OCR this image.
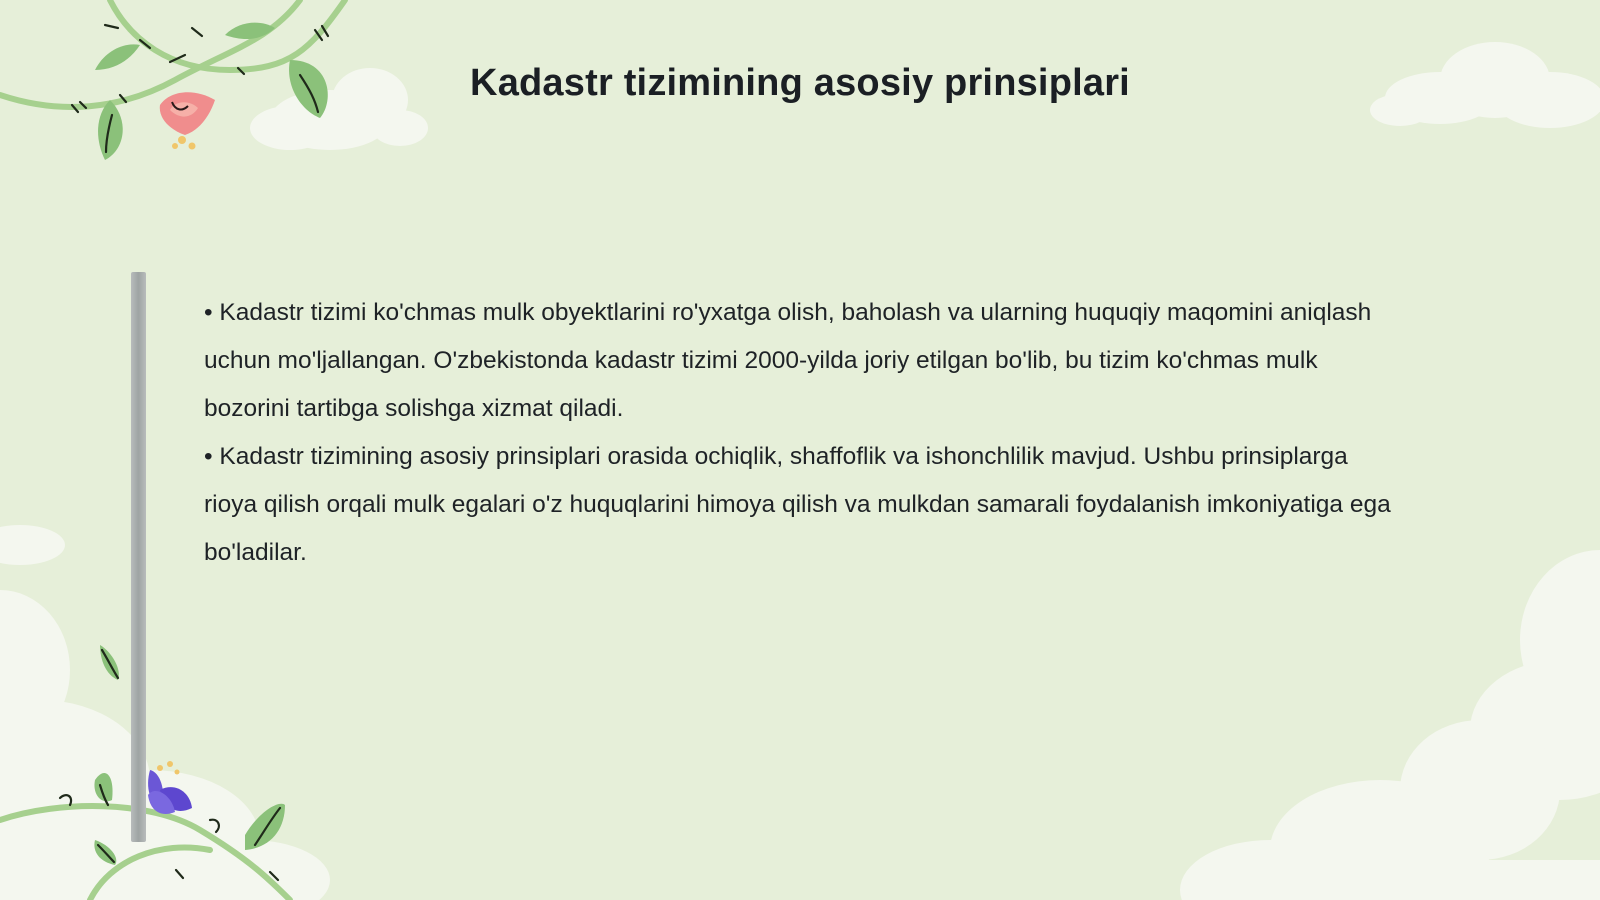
Kadastr tizimining asosiy prinsiplari

• Kadastr tizimi ko'chmas mulk obyektlarini ro'yxatga olish, baholash va ularning huquqiy maqomini aniqlash uchun mo'ljallangan. O'zbekistonda kadastr tizimi 2000-yilda joriy etilgan bo'lib, bu tizim ko'chmas mulk bozorini tartibga solishga xizmat qiladi.

• Kadastr tizimining asosiy prinsiplari orasida ochiqlik, shaffoflik va ishonchlilik mavjud. Ushbu prinsiplarga rioya qilish orqali mulk egalari o'z huquqlarini himoya qilish va mulkdan samarali foydalanish imkoniyatiga ega bo'ladilar.
